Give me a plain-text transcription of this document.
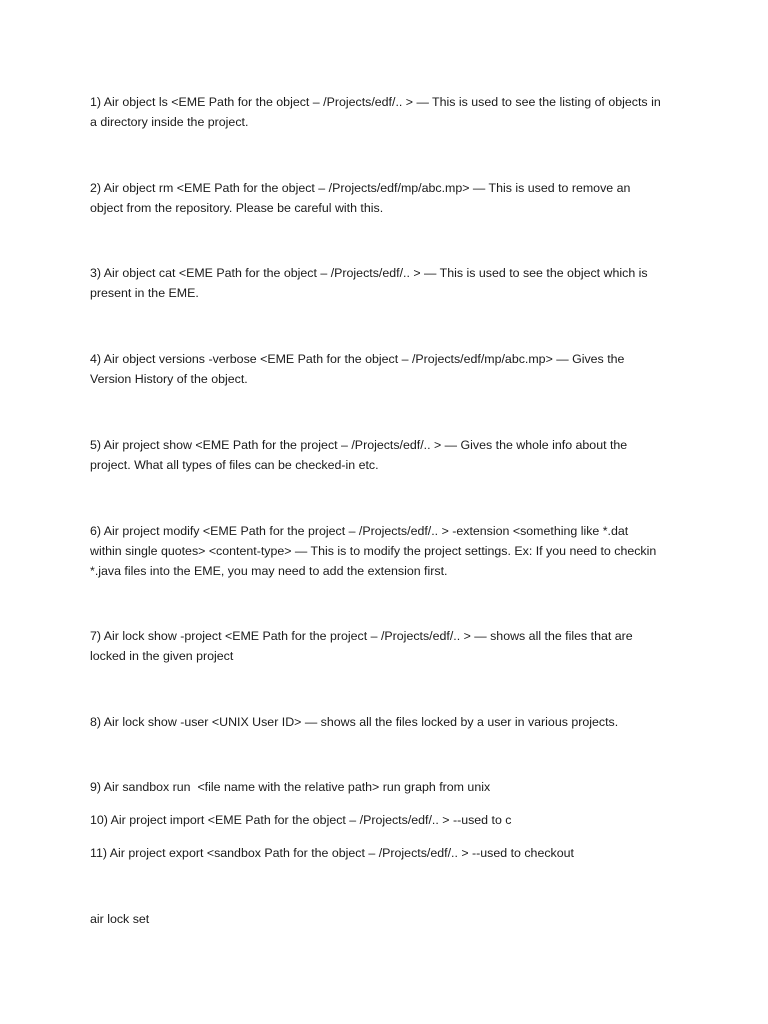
1) Air object ls <EME Path for the object – /Projects/edf/.. > — This is used to see the listing of objects in
a directory inside the project.

2) Air object rm <EME Path for the object – /Projects/edf/mp/abc.mp> — This is used to remove an
object from the repository. Please be careful with this.

3) Air object cat <EME Path for the object – /Projects/edf/.. > — This is used to see the object which is
present in the EME.

4) Air object versions -verbose <EME Path for the object – /Projects/edf/mp/abc.mp> — Gives the
Version History of the object.

5) Air project show <EME Path for the project – /Projects/edf/.. > — Gives the whole info about the
project. What all types of files can be checked-in etc.

6) Air project modify <EME Path for the project – /Projects/edf/.. > -extension <something like *.dat
within single quotes> <content-type> — This is to modify the project settings. Ex: If you need to checkin
*.java files into the EME, you may need to add the extension first.

7) Air lock show -project <EME Path for the project – /Projects/edf/.. > — shows all the files that are
locked in the given project

8) Air lock show -user <UNIX User ID> — shows all the files locked by a user in various projects.

9) Air sandbox run  <file name with the relative path> run graph from unix

10) Air project import <EME Path for the object – /Projects/edf/.. > --used to c

11) Air project export <sandbox Path for the object – /Projects/edf/.. > --used to checkout

air lock set
